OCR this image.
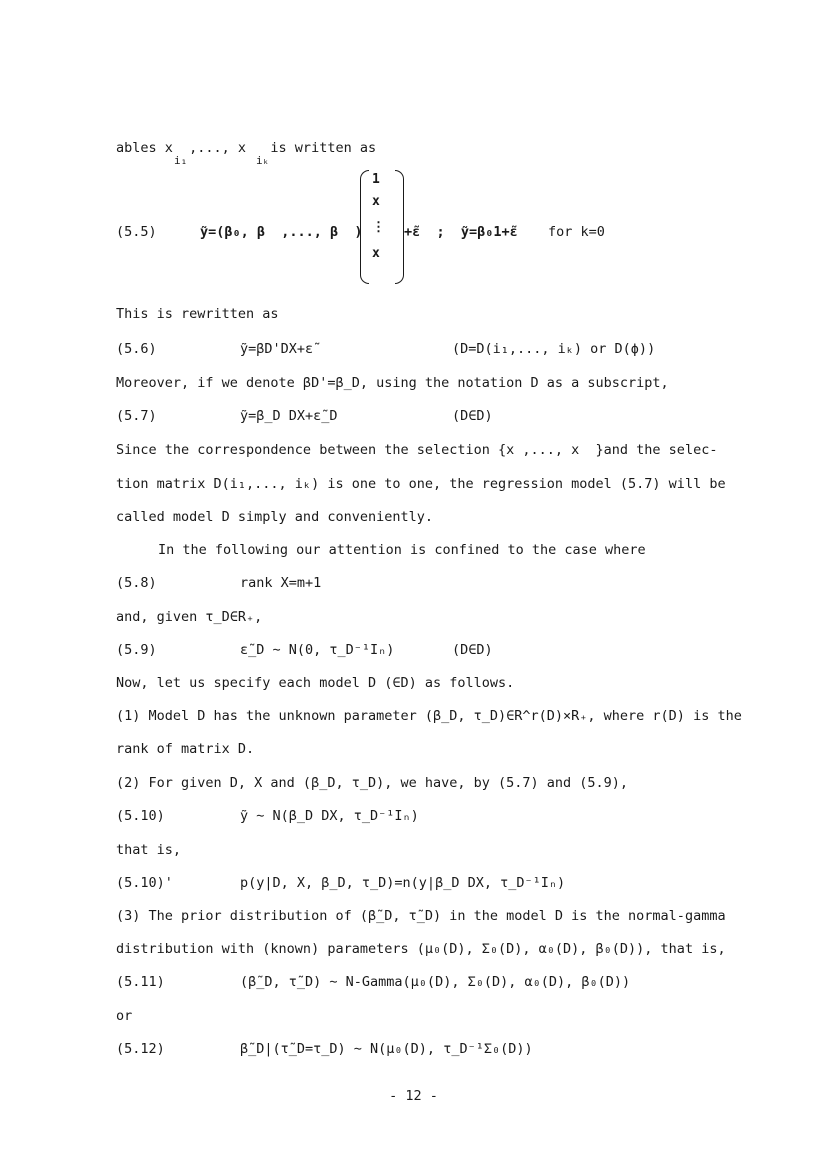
ables x  ,..., x   is written as
i₁	iₖ
(5.5)	ỹ=(β₀, β  ,..., β  )
1
x
⋮
x
+ε̃  ;  ỹ=β₀1+ε̃ for k=0
This is rewritten as
(5.6)	ỹ=βD'DX+ε̃	(D=D(i₁,..., iₖ) or D(ϕ))
Moreover, if we denote βD'=β_D, using the notation D as a subscript,
(5.7)	ỹ=β_D DX+ε̃_D	(D∈D)
Since the correspondence between the selection {x ,..., x  }and the selec-
tion matrix D(i₁,..., iₖ) is one to one, the regression model (5.7) will be
called model D simply and conveniently.
In the following our attention is confined to the case where
(5.8)	rank X=m+1
and, given τ_D∈R₊,
(5.9)	ε̃_D ∼ N(0, τ_D⁻¹Iₙ)	(D∈D)
Now, let us specify each model D (∈D) as follows.
(1) Model D has the unknown parameter (β_D, τ_D)∈R^r(D)×R₊, where r(D) is the
rank of matrix D.
(2) For given D, X and (β_D, τ_D), we have, by (5.7) and (5.9),
(5.10)	ỹ ∼ N(β_D DX, τ_D⁻¹Iₙ)
that is,
(5.10)'	p(y|D, X, β_D, τ_D)=n(y|β_D DX, τ_D⁻¹Iₙ)
(3) The prior distribution of (β̃_D, τ̃_D) in the model D is the normal-gamma
distribution with (known) parameters (μ₀(D), Σ₀(D), α₀(D), β₀(D)), that is,
(5.11)	(β̃_D, τ̃_D) ∼ N-Gamma(μ₀(D), Σ₀(D), α₀(D), β₀(D))
or
(5.12)	β̃_D|(τ̃_D=τ_D) ∼ N(μ₀(D), τ_D⁻¹Σ₀(D))
- 12 -
